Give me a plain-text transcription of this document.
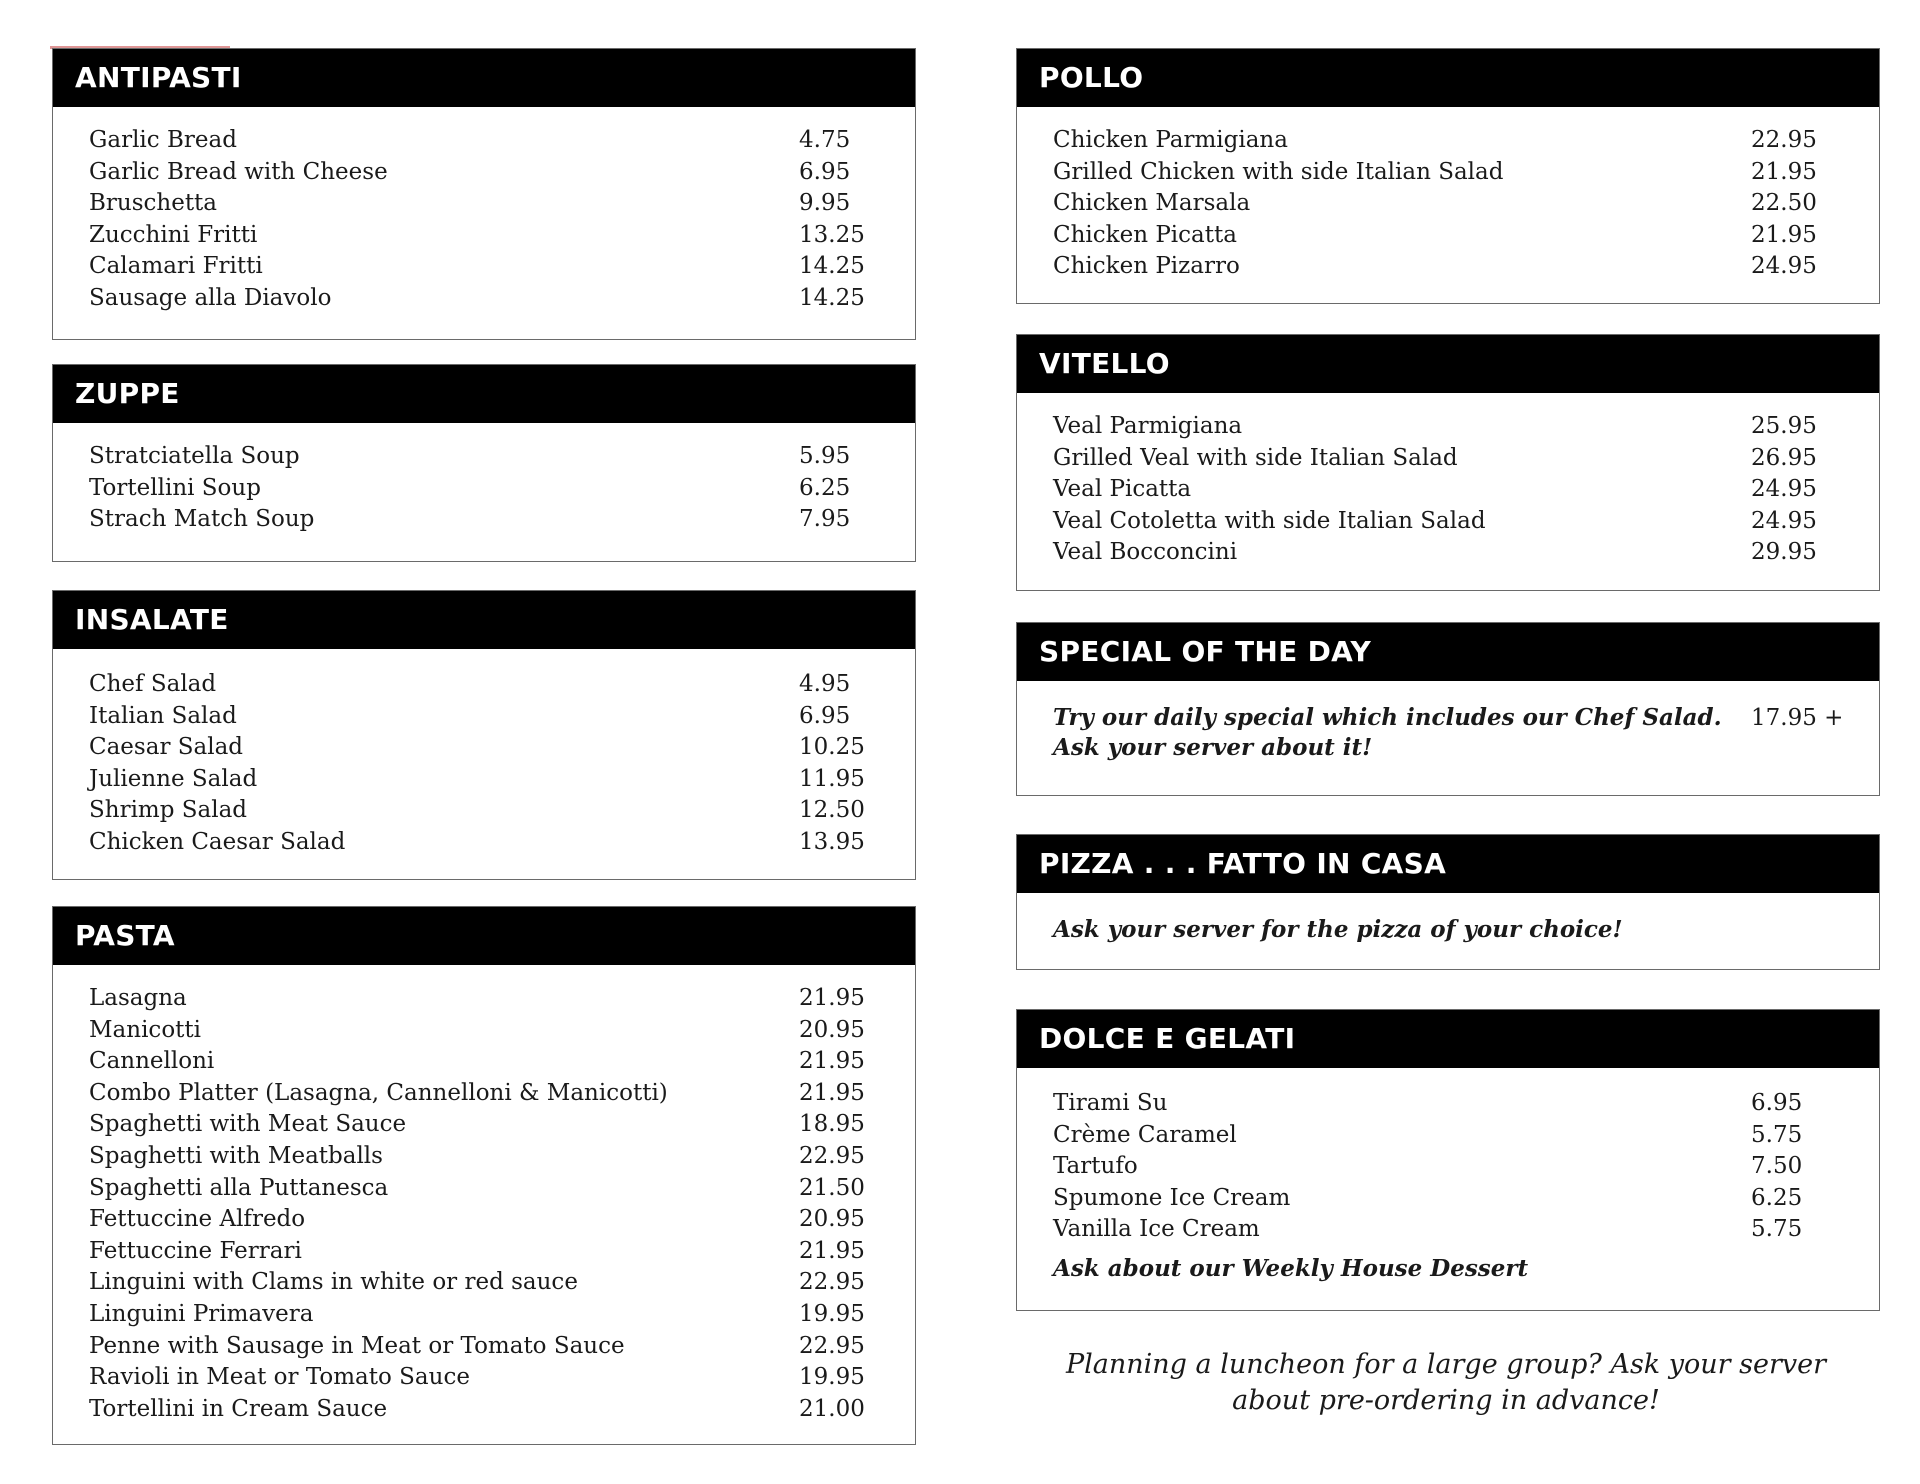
ANTIPASTI
Garlic Bread	4.75
Garlic Bread with Cheese	6.95
Bruschetta	9.95
Zucchini Fritti	13.25
Calamari Fritti	14.25
Sausage alla Diavolo	14.25
ZUPPE
Stratciatella Soup	5.95
Tortellini Soup	6.25
Strach Match Soup	7.95
INSALATE
Chef Salad	4.95
Italian Salad	6.95
Caesar Salad	10.25
Julienne Salad	11.95
Shrimp Salad	12.50
Chicken Caesar Salad	13.95
PASTA
Lasagna	21.95
Manicotti	20.95
Cannelloni	21.95
Combo Platter (Lasagna, Cannelloni & Manicotti)	21.95
Spaghetti with Meat Sauce	18.95
Spaghetti with Meatballs	22.95
Spaghetti alla Puttanesca	21.50
Fettuccine Alfredo	20.95
Fettuccine Ferrari	21.95
Linguini with Clams in white or red sauce	22.95
Linguini Primavera	19.95
Penne with Sausage in Meat or Tomato Sauce	22.95
Ravioli in Meat or Tomato Sauce	19.95
Tortellini in Cream Sauce	21.00
POLLO
Chicken Parmigiana	22.95
Grilled Chicken with side Italian Salad	21.95
Chicken Marsala	22.50
Chicken Picatta	21.95
Chicken Pizarro	24.95
VITELLO
Veal Parmigiana	25.95
Grilled Veal with side Italian Salad	26.95
Veal Picatta	24.95
Veal Cotoletta with side Italian Salad	24.95
Veal Bocconcini	29.95
SPECIAL OF THE DAY
Try our daily special which includes our Chef Salad.
Ask your server about it!
17.95 +
PIZZA . . . FATTO IN CASA
Ask your server for the pizza of your choice!
DOLCE E GELATI
Tirami Su	6.95
Crème Caramel	5.75
Tartufo	7.50
Spumone Ice Cream	6.25
Vanilla Ice Cream	5.75
Ask about our Weekly House Dessert
Planning a luncheon for a large group? Ask your server
about pre-ordering in advance!
